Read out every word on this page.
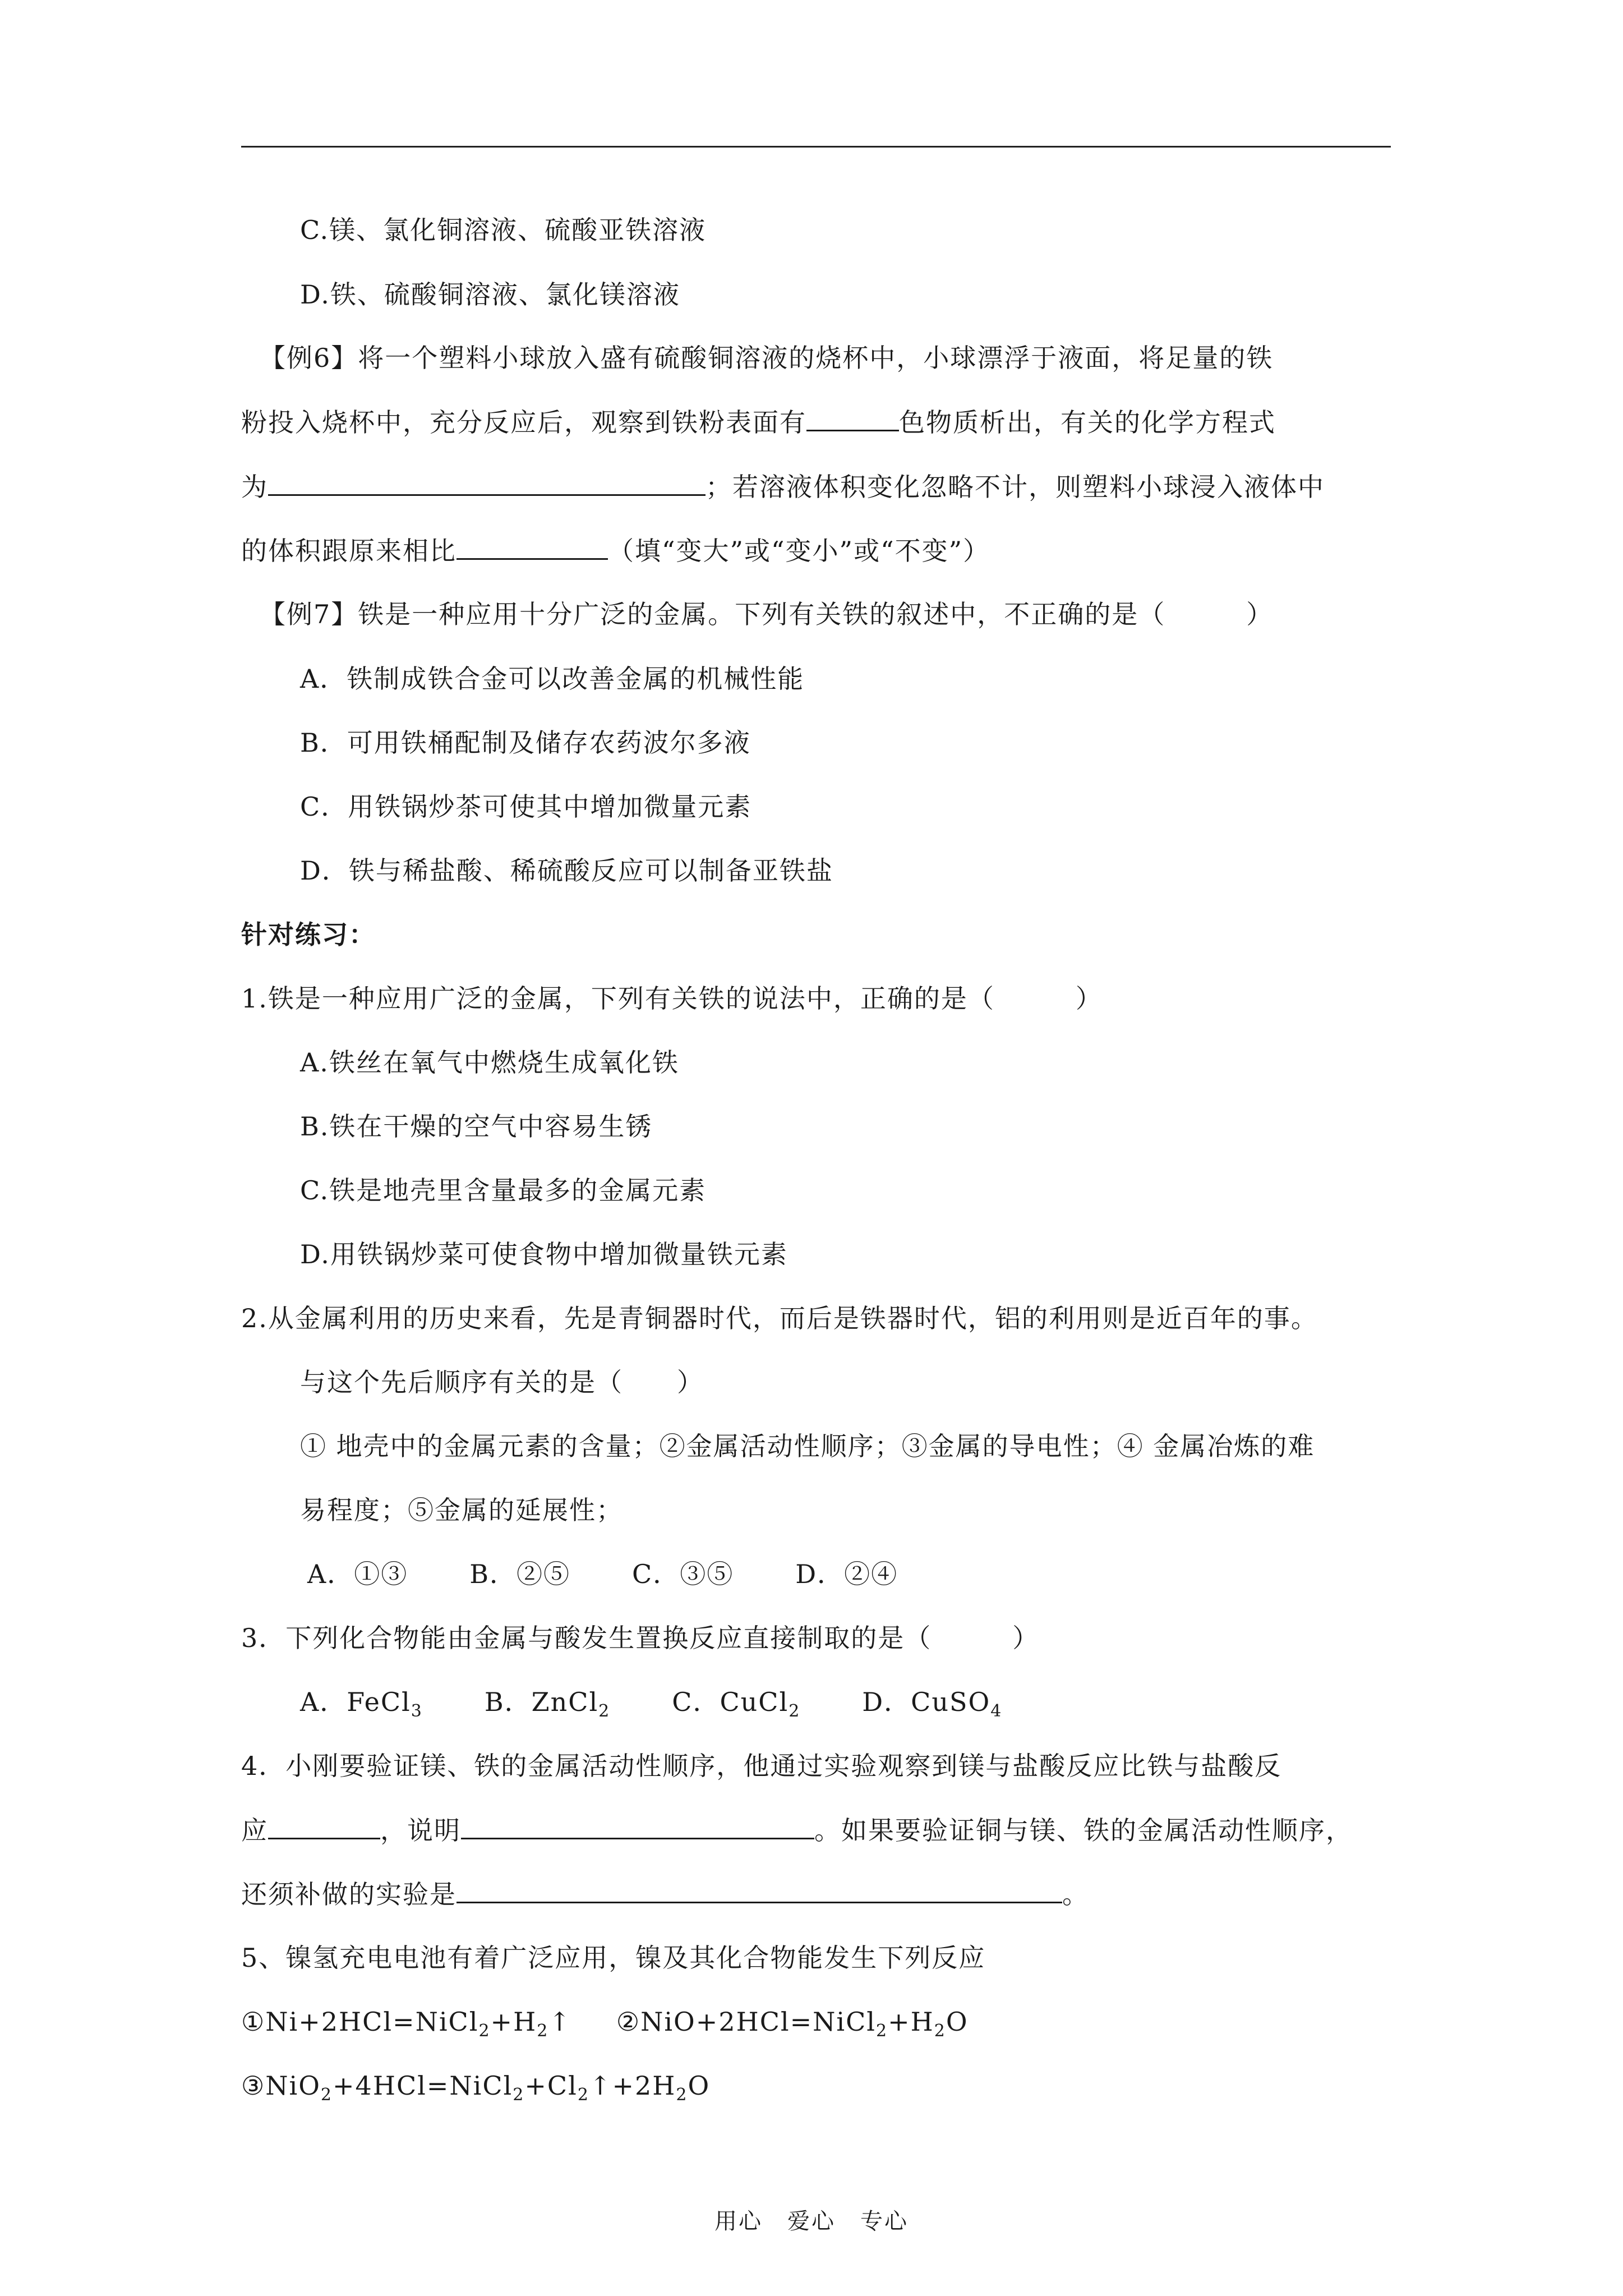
C.镁、氯化铜溶液、硫酸亚铁溶液
D.铁、硫酸铜溶液、氯化镁溶液
【例6】将一个塑料小球放入盛有硫酸铜溶液的烧杯中，小球漂浮于液面，将足量的铁
粉投入烧杯中，充分反应后，观察到铁粉表面有	色物质析出，有关的化学方程式
为	；若溶液体积变化忽略不计，则塑料小球浸入液体中
的体积跟原来相比	（填“变大”或“变小”或“不变”）
【例7】铁是一种应用十分广泛的金属。下列有关铁的叙述中，不正确的是（　　　）
A．铁制成铁合金可以改善金属的机械性能
B．可用铁桶配制及储存农药波尔多液
C．用铁锅炒茶可使其中增加微量元素
D．铁与稀盐酸、稀硫酸反应可以制备亚铁盐
针对练习：
1.铁是一种应用广泛的金属，下列有关铁的说法中，正确的是（　　　）
A.铁丝在氧气中燃烧生成氧化铁
B.铁在干燥的空气中容易生锈
C.铁是地壳里含量最多的金属元素
D.用铁锅炒菜可使食物中增加微量铁元素
2.从金属利用的历史来看，先是青铜器时代，而后是铁器时代，铝的利用则是近百年的事。
与这个先后顺序有关的是（　　）
① 地壳中的金属元素的含量；②金属活动性顺序；③金属的导电性；④ 金属冶炼的难
易程度；⑤金属的延展性；
A．①③ B．②⑤ C．③⑤ D．②④
3．下列化合物能由金属与酸发生置换反应直接制取的是（　　　）
A．FeCl$_3$ B．ZnCl$_2$ C．CuCl$_2$ D．CuSO$_4$
4．小刚要验证镁、铁的金属活动性顺序，他通过实验观察到镁与盐酸反应比铁与盐酸反
应	，说明	。如果要验证铜与镁、铁的金属活动性顺序，
还须补做的实验是	。
5、镍氢充电电池有着广泛应用，镍及其化合物能发生下列反应
$①Ni+2HCl=NiCl_2+H_2↑$ $②NiO+2HCl=NiCl_2+H_2O$
$③NiO_2+4HCl=NiCl_2+Cl_2↑+2H_2O$
用心 爱心 专心
